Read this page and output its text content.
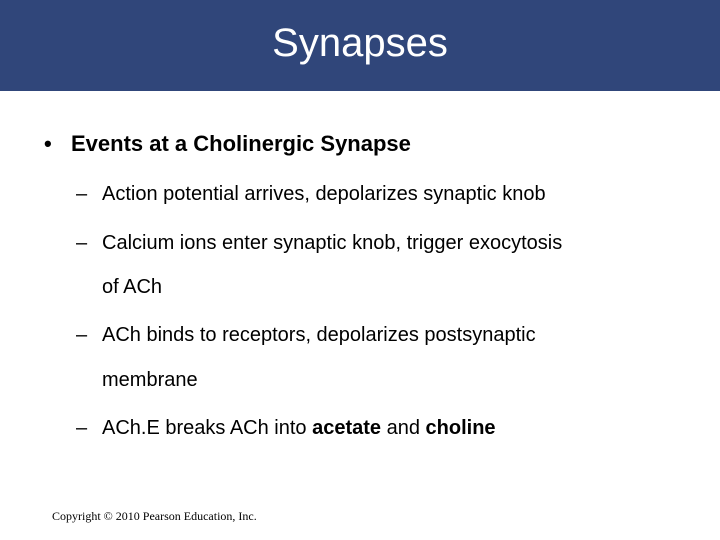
Synapses
• Events at a Cholinergic Synapse
– Action potential arrives, depolarizes synaptic knob
– Calcium ions enter synaptic knob, trigger exocytosis
of ACh
– ACh binds to receptors, depolarizes postsynaptic
membrane
– ACh.E breaks ACh into acetate and choline
Copyright © 2010 Pearson Education, Inc.
